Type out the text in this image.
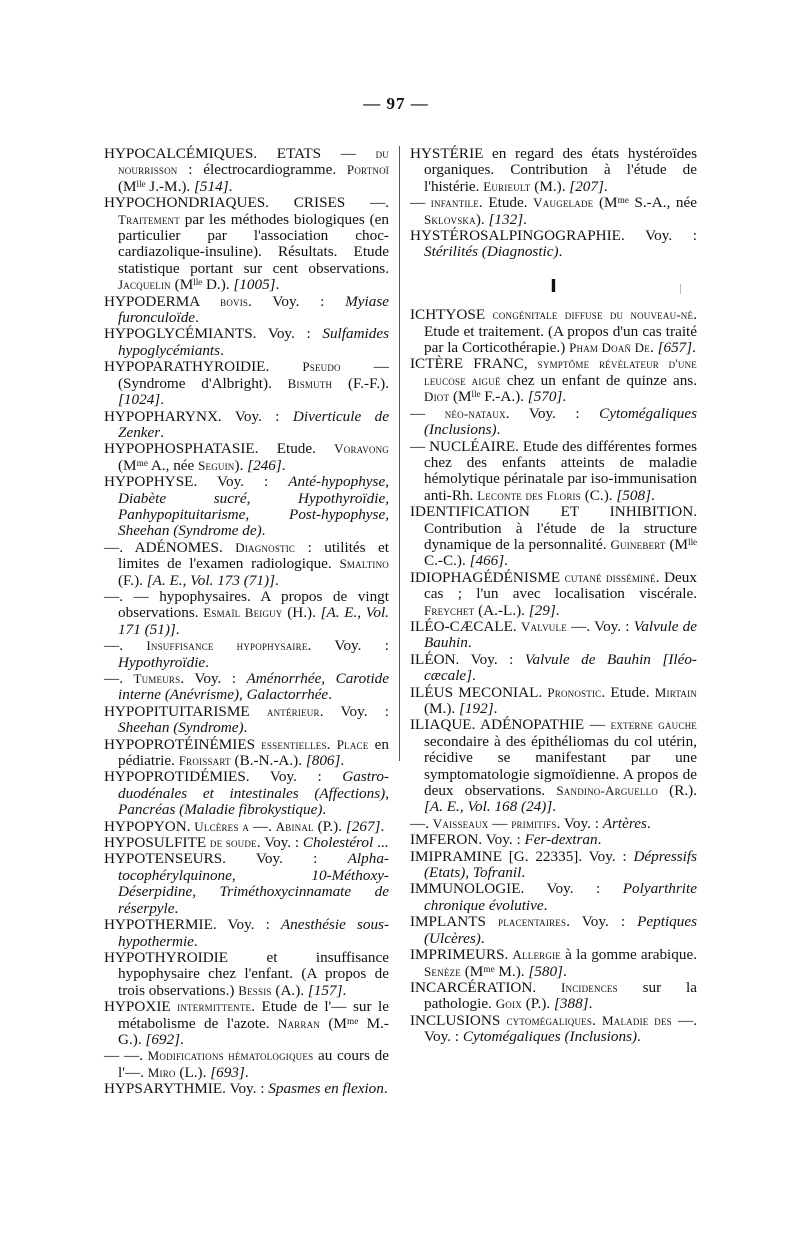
— 97 —

HYPOCALCÉMIQUES. ETATS — du nourrisson : électrocardiogramme. Portnoï (Mˡˡᵉ J.-M.). [514].

HYPOCHONDRIAQUES. CRISES —. Traitement par les méthodes biologiques (en particulier par l'association choc-cardiazolique-insuline). Résultats. Etude statistique portant sur cent observations. Jacquelin (Mˡˡᵉ D.). [1005].

HYPODERMA bovis. Voy. : Myiase furonculoïde.

HYPOGLYCÉMIANTS. Voy. : Sulfamides hypoglycémiants.

HYPOPARATHYROIDIE. Pseudo — (Syndrome d'Albright). Bismuth (F.-F.). [1024].

HYPOPHARYNX. Voy. : Diverticule de Zenker.

HYPOPHOSPHATASIE. Etude. Voravong (Mᵐᵉ A., née Seguin). [246].

HYPOPHYSE. Voy. : Anté-hypophyse, Diabète sucré, Hypothyroïdie, Panhypopituitarisme, Post-hypophyse, Sheehan (Syndrome de).

—. ADÉNOMES. Diagnostic : utilités et limites de l'examen radiologique. Smaltino (F.). [A. E., Vol. 173 (71)].

—. — hypophysaires. A propos de vingt observations. Esmaïl Beiguy (H.). [A. E., Vol. 171 (51)].

—. Insuffisance hypophysaire. Voy. : Hypothyroïdie.

—. Tumeurs. Voy. : Aménorrhée, Carotide interne (Anévrisme), Galactorrhée.

HYPOPITUITARISME antérieur. Voy. : Sheehan (Syndrome).

HYPOPROTÉINÉMIES essentielles. Place en pédiatrie. Froissart (B.-N.-A.). [806].

HYPOPROTIDÉMIES. Voy. : Gastro-duodénales et intestinales (Affections), Pancréas (Maladie fibrokystique).

HYPOPYON. Ulcères a —. Abinal (P.). [267].

HYPOSULFITE de soude. Voy. : Cholestérol ...

HYPOTENSEURS. Voy. : Alpha-tocophérylquinone, 10-Méthoxy-Déserpidine, Triméthoxycinnamate de réserpyle.

HYPOTHERMIE. Voy. : Anesthésie sous-hypothermie.

HYPOTHYROIDIE et insuffisance hypophysaire chez l'enfant. (A propos de trois observations.) Bessis (A.). [157].

HYPOXIE intermittente. Etude de l'— sur le métabolisme de l'azote. Narran (Mᵐᵉ M.-G.). [692].

— —. Modifications hématologiques au cours de l'—. Miro (L.). [693].

HYPSARYTHMIE. Voy. : Spasmes en flexion.

HYSTÉRIE en regard des états hystéroïdes organiques. Contribution à l'étude de l'histérie. Eurieult (M.). [207].

— infantile. Etude. Vaugelade (Mᵐᵉ S.-A., née Sklovska). [132].

HYSTÉROSALPINGOGRAPHIE. Voy. : Stérilités (Diagnostic).

I

ICHTYOSE congénitale diffuse du nouveau-né. Etude et traitement. (A propos d'un cas traité par la Corticothérapie.) Pham Doañ De. [657].

ICTÈRE FRANC, symptôme révélateur d'une leucose aiguë chez un enfant de quinze ans. Diot (Mˡˡᵉ F.-A.). [570].

— néo-nataux. Voy. : Cytomégaliques (Inclusions).

— NUCLÉAIRE. Etude des différentes formes chez des enfants atteints de maladie hémolytique périnatale par iso-immunisation anti-Rh. Leconte des Floris (C.). [508].

IDENTIFICATION ET INHIBITION. Contribution à l'étude de la structure dynamique de la personnalité. Guinebert (Mˡˡᵉ C.-C.). [466].

IDIOPHAGÉDÉNISME cutané disséminé. Deux cas ; l'un avec localisation viscérale. Freychet (A.-L.). [29].

ILÉO-CÆCALE. Valvule —. Voy. : Valvule de Bauhin.

ILÉON. Voy. : Valvule de Bauhin [Iléo-cæcale].

ILÉUS MECONIAL. Pronostic. Etude. Mirtain (M.). [192].

ILIAQUE. ADÉNOPATHIE — externe gauche secondaire à des épithéliomas du col utérin, récidive se manifestant par une symptomatologie sigmoïdienne. A propos de deux observations. Sandino-Arguello (R.). [A. E., Vol. 168 (24)].

—. Vaisseaux — primitifs. Voy. : Artères.

IMFERON. Voy. : Fer-dextran.

IMIPRAMINE [G. 22335]. Voy. : Dépressifs (Etats), Tofranil.

IMMUNOLOGIE. Voy. : Polyarthrite chronique évolutive.

IMPLANTS placentaires. Voy. : Peptiques (Ulcères).

IMPRIMEURS. Allergie à la gomme arabique. Senèze (Mᵐᵉ M.). [580].

INCARCÉRATION. Incidences sur la pathologie. Goix (P.). [388].

INCLUSIONS cytomégaliques. Maladie des —. Voy. : Cytomégaliques (Inclusions).
